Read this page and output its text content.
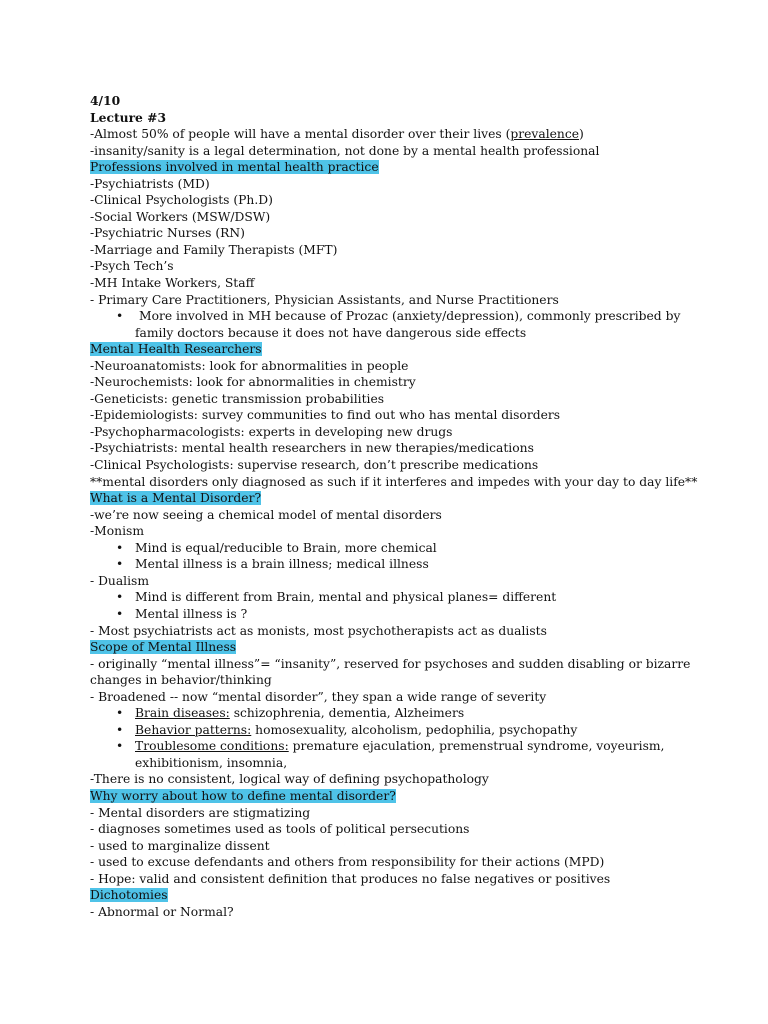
4/10
Lecture #3
-Almost 50% of people will have a mental disorder over their lives (prevalence)
-insanity/sanity is a legal determination, not done by a mental health professional
Professions involved in mental health practice
-Psychiatrists (MD)
-Clinical Psychologists (Ph.D)
-Social Workers (MSW/DSW)
-Psychiatric Nurses (RN)
-Marriage and Family Therapists (MFT)
-Psych Tech’s
-MH Intake Workers, Staff
- Primary Care Practitioners, Physician Assistants, and Nurse Practitioners
• More involved in MH because of Prozac (anxiety/depression), commonly prescribed by
family doctors because it does not have dangerous side effects
Mental Health Researchers
-Neuroanatomists: look for abnormalities in people
-Neurochemists: look for abnormalities in chemistry
-Geneticists: genetic transmission probabilities
-Epidemiologists: survey communities to find out who has mental disorders
-Psychopharmacologists: experts in developing new drugs
-Psychiatrists: mental health researchers in new therapies/medications
-Clinical Psychologists: supervise research, don’t prescribe medications
**mental disorders only diagnosed as such if it interferes and impedes with your day to day life**
What is a Mental Disorder?
-we’re now seeing a chemical model of mental disorders
-Monism
• Mind is equal/reducible to Brain, more chemical
• Mental illness is a brain illness; medical illness
- Dualism
• Mind is different from Brain, mental and physical planes= different
• Mental illness is ?
- Most psychiatrists act as monists, most psychotherapists act as dualists
Scope of Mental Illness
- originally “mental illness”= “insanity”, reserved for psychoses and sudden disabling or bizarre
changes in behavior/thinking
- Broadened -- now “mental disorder”, they span a wide range of severity
• Brain diseases: schizophrenia, dementia, Alzheimers
• Behavior patterns: homosexuality, alcoholism, pedophilia, psychopathy
• Troublesome conditions: premature ejaculation, premenstrual syndrome, voyeurism,
exhibitionism, insomnia,
-There is no consistent, logical way of defining psychopathology
Why worry about how to define mental disorder?
- Mental disorders are stigmatizing
- diagnoses sometimes used as tools of political persecutions
- used to marginalize dissent
- used to excuse defendants and others from responsibility for their actions (MPD)
- Hope: valid and consistent definition that produces no false negatives or positives
Dichotomies
- Abnormal or Normal?
